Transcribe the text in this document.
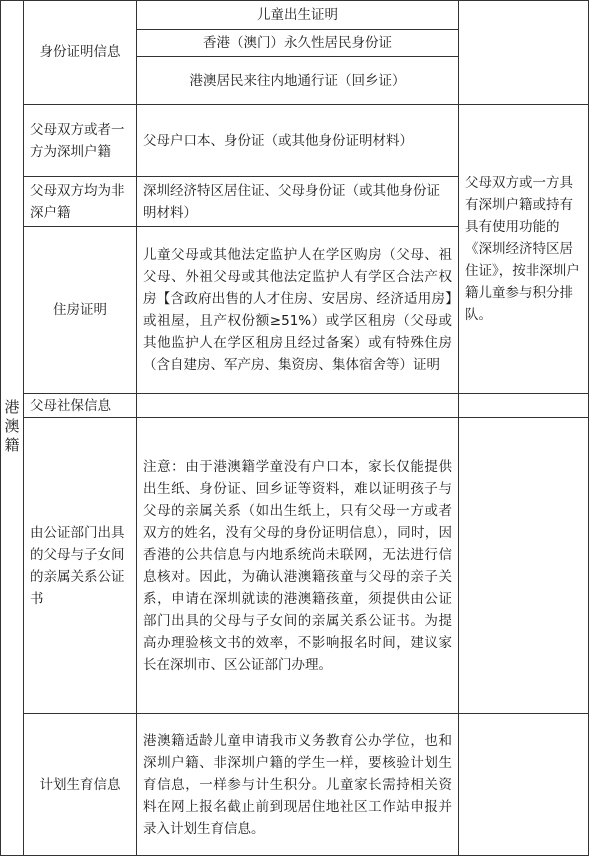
港澳籍
身份证明信息
儿童出生证明
香港（澳门）永久性居民身份证
港澳居民来往内地通行证（回乡证）
父母双方或者一方为深圳户籍
父母户口本、身份证（或其他身份证明材料）
父母双方均为非深户籍
深圳经济特区居住证、父母身份证（或其他身份证明材料）
父母双方或一方具有深圳户籍或持有具有使用功能的《深圳经济特区居住证》，按非深圳户籍儿童参与积分排队。
住房证明
儿童父母或其他法定监护人在学区购房（父母、祖父母、外祖父母或其他法定监护人有学区合法产权房【含政府出售的人才住房、安居房、经济适用房】或祖屋，且产权份额≥51%）或学区租房（父母或其他监护人在学区租房且经过备案）或有特殊住房（含自建房、军产房、集资房、集体宿舍等）证明
父母社保信息
由公证部门出具的父母与子女间的亲属关系公证书
注意：由于港澳籍学童没有户口本，家长仅能提供出生纸、身份证、回乡证等资料，难以证明孩子与父母的亲属关系（如出生纸上，只有父母一方或者双方的姓名，没有父母的身份证明信息），同时，因香港的公共信息与内地系统尚未联网，无法进行信息核对。因此，为确认港澳籍孩童与父母的亲子关系，申请在深圳就读的港澳籍孩童，须提供由公证部门出具的父母与子女间的亲属关系公证书。为提高办理验核文书的效率，不影响报名时间，建议家长在深圳市、区公证部门办理。
计划生育信息
港澳籍适龄儿童申请我市义务教育公办学位，也和深圳户籍、非深圳户籍的学生一样，要核验计划生育信息，一样参与计生积分。儿童家长需持相关资料在网上报名截止前到现居住地社区工作站申报并录入计划生育信息。
